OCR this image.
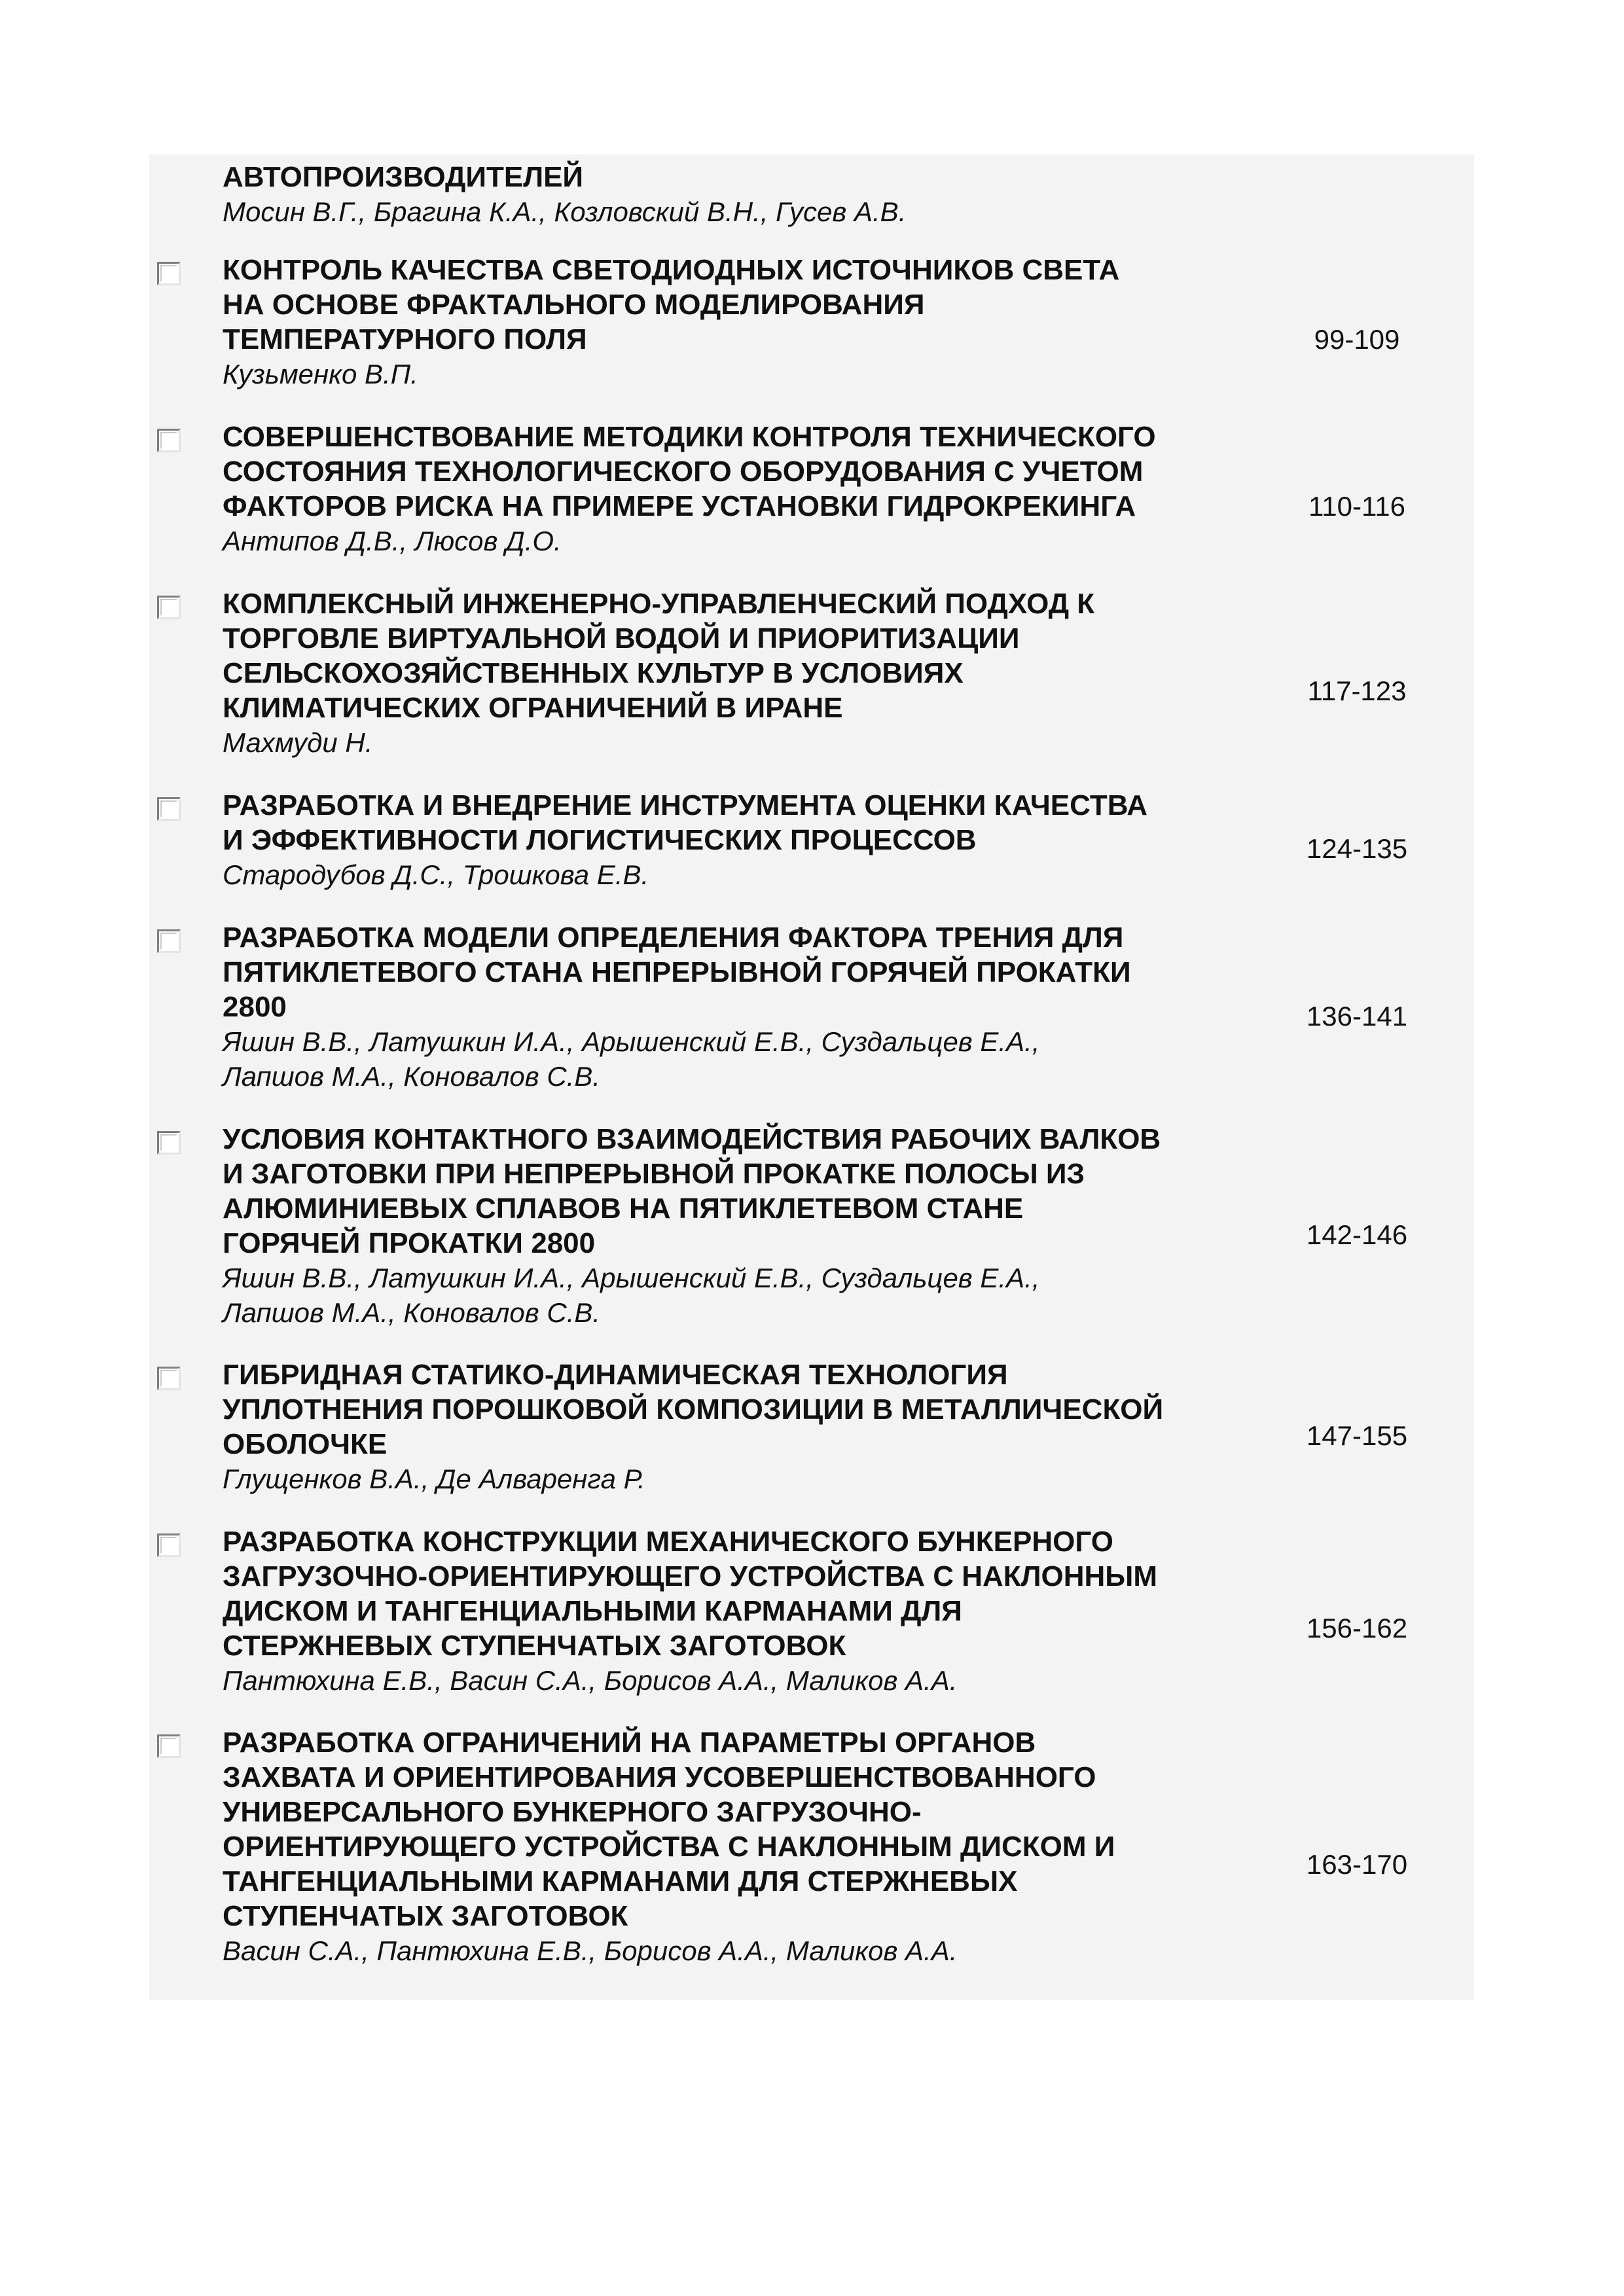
АВТОПРОИЗВОДИТЕЛЕЙ

Мосин В.Г., Брагина К.А., Козловский В.Н., Гусев А.В.

КОНТРОЛЬ КАЧЕСТВА СВЕТОДИОДНЫХ ИСТОЧНИКОВ СВЕТА
НА ОСНОВЕ ФРАКТАЛЬНОГО МОДЕЛИРОВАНИЯ
ТЕМПЕРАТУРНОГО ПОЛЯ

Кузьменко В.П.

99-109

СОВЕРШЕНСТВОВАНИЕ МЕТОДИКИ КОНТРОЛЯ ТЕХНИЧЕСКОГО
СОСТОЯНИЯ ТЕХНОЛОГИЧЕСКОГО ОБОРУДОВАНИЯ С УЧЕТОМ
ФАКТОРОВ РИСКА НА ПРИМЕРЕ УСТАНОВКИ ГИДРОКРЕКИНГА

Антипов Д.В., Люсов Д.О.

110-116

КОМПЛЕКСНЫЙ ИНЖЕНЕРНО-УПРАВЛЕНЧЕСКИЙ ПОДХОД К
ТОРГОВЛЕ ВИРТУАЛЬНОЙ ВОДОЙ И ПРИОРИТИЗАЦИИ
СЕЛЬСКОХОЗЯЙСТВЕННЫХ КУЛЬТУР В УСЛОВИЯХ
КЛИМАТИЧЕСКИХ ОГРАНИЧЕНИЙ В ИРАНЕ

Махмуди Н.

117-123

РАЗРАБОТКА И ВНЕДРЕНИЕ ИНСТРУМЕНТА ОЦЕНКИ КАЧЕСТВА
И ЭФФЕКТИВНОСТИ ЛОГИСТИЧЕСКИХ ПРОЦЕССОВ

Стародубов Д.С., Трошкова Е.В.

124-135

РАЗРАБОТКА МОДЕЛИ ОПРЕДЕЛЕНИЯ ФАКТОРА ТРЕНИЯ ДЛЯ
ПЯТИКЛЕТЕВОГО СТАНА НЕПРЕРЫВНОЙ ГОРЯЧЕЙ ПРОКАТКИ
2800

Яшин В.В., Латушкин И.А., Арышенский Е.В., Суздальцев Е.А.,
Лапшов М.А., Коновалов С.В.

136-141

УСЛОВИЯ КОНТАКТНОГО ВЗАИМОДЕЙСТВИЯ РАБОЧИХ ВАЛКОВ
И ЗАГОТОВКИ ПРИ НЕПРЕРЫВНОЙ ПРОКАТКЕ ПОЛОСЫ ИЗ
АЛЮМИНИЕВЫХ СПЛАВОВ НА ПЯТИКЛЕТЕВОМ СТАНЕ
ГОРЯЧЕЙ ПРОКАТКИ 2800

Яшин В.В., Латушкин И.А., Арышенский Е.В., Суздальцев Е.А.,
Лапшов М.А., Коновалов С.В.

142-146

ГИБРИДНАЯ СТАТИКО-ДИНАМИЧЕСКАЯ ТЕХНОЛОГИЯ
УПЛОТНЕНИЯ ПОРОШКОВОЙ КОМПОЗИЦИИ В МЕТАЛЛИЧЕСКОЙ
ОБОЛОЧКЕ

Глущенков В.А., Де Алваренга Р.

147-155

РАЗРАБОТКА КОНСТРУКЦИИ МЕХАНИЧЕСКОГО БУНКЕРНОГО
ЗАГРУЗОЧНО-ОРИЕНТИРУЮЩЕГО УСТРОЙСТВА С НАКЛОННЫМ
ДИСКОМ И ТАНГЕНЦИАЛЬНЫМИ КАРМАНАМИ ДЛЯ
СТЕРЖНЕВЫХ СТУПЕНЧАТЫХ ЗАГОТОВОК

Пантюхина Е.В., Васин С.А., Борисов А.А., Маликов А.А.

156-162

РАЗРАБОТКА ОГРАНИЧЕНИЙ НА ПАРАМЕТРЫ ОРГАНОВ
ЗАХВАТА И ОРИЕНТИРОВАНИЯ УСОВЕРШЕНСТВОВАННОГО
УНИВЕРСАЛЬНОГО БУНКЕРНОГО ЗАГРУЗОЧНО-
ОРИЕНТИРУЮЩЕГО УСТРОЙСТВА С НАКЛОННЫМ ДИСКОМ И
ТАНГЕНЦИАЛЬНЫМИ КАРМАНАМИ ДЛЯ СТЕРЖНЕВЫХ
СТУПЕНЧАТЫХ ЗАГОТОВОК

Васин С.А., Пантюхина Е.В., Борисов А.А., Маликов А.А.

163-170
